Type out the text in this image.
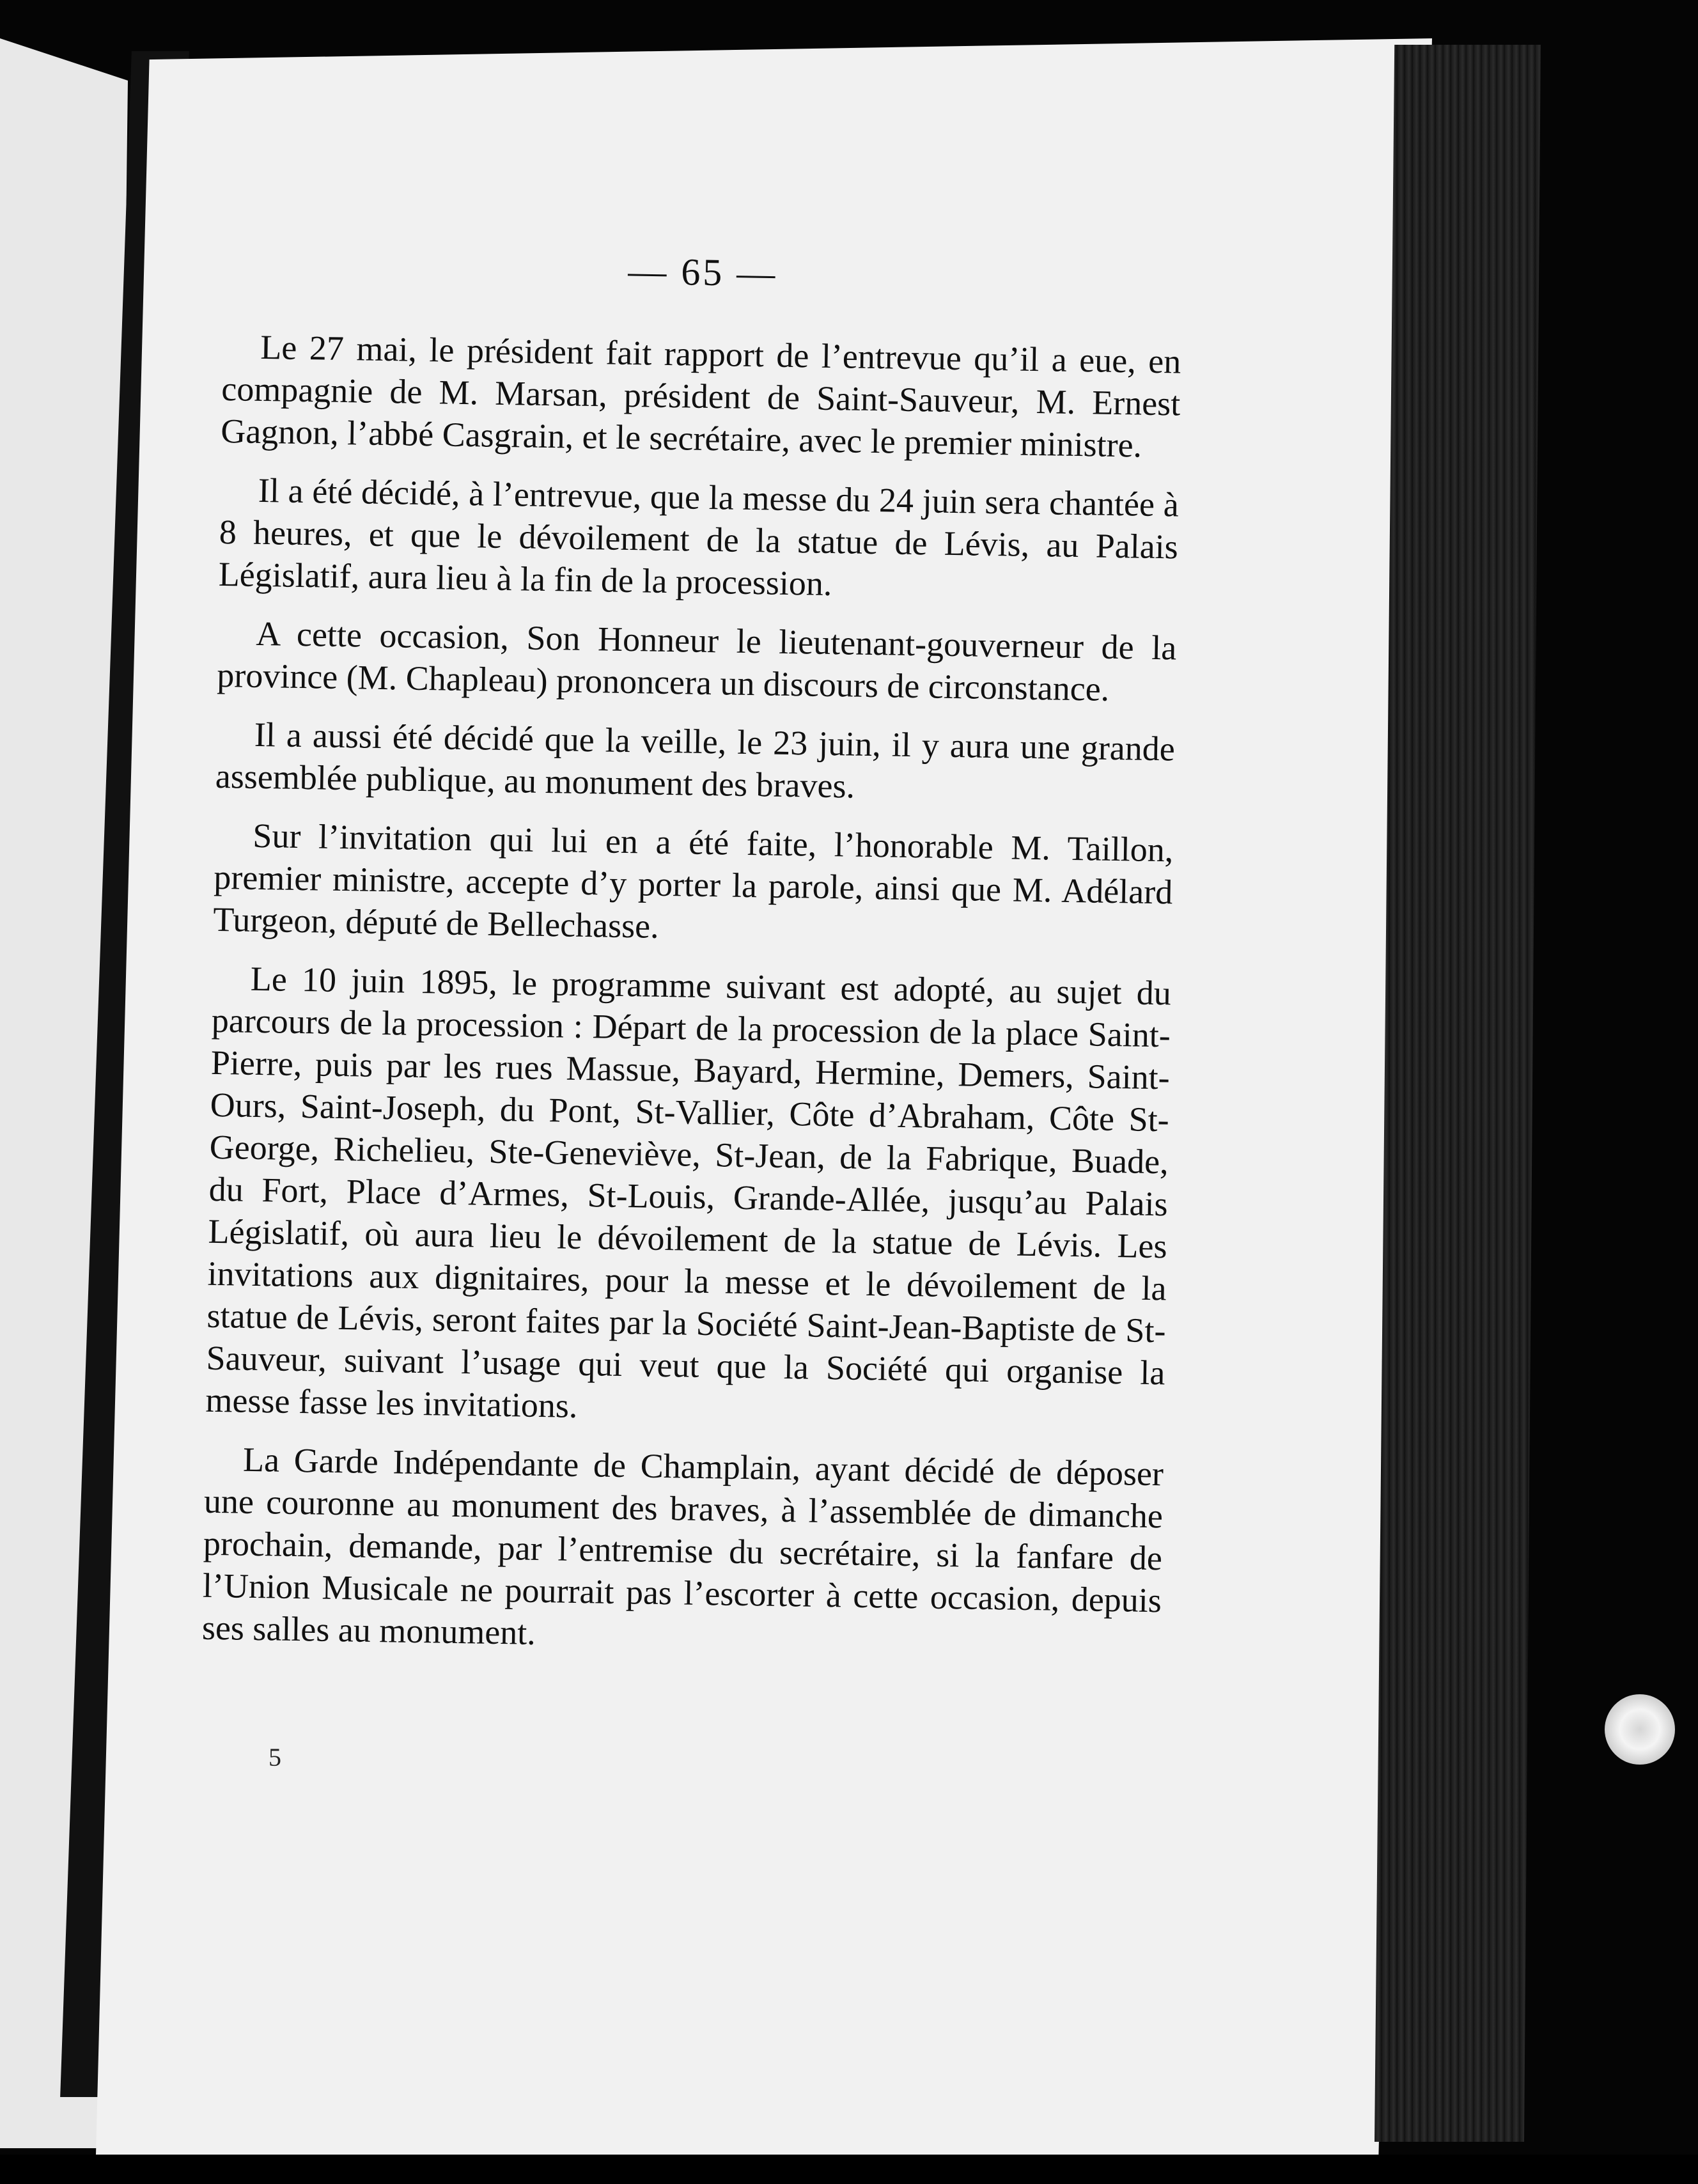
— 65 —

Le 27 mai, le président fait rapport de l’entrevue qu’il a eue, en compagnie de M. Marsan, président de Saint-Sauveur, M. Ernest Gagnon, l’abbé Casgrain, et le secrétaire, avec le premier ministre.

Il a été décidé, à l’entrevue, que la messe du 24 juin sera chantée à 8 heures, et que le dévoilement de la statue de Lévis, au Palais Législatif, aura lieu à la fin de la procession.

A cette occasion, Son Honneur le lieutenant-gouverneur de la province (M. Chapleau) prononcera un discours de circonstance.

Il a aussi été décidé que la veille, le 23 juin, il y aura une grande assemblée publique, au monument des braves.

Sur l’invitation qui lui en a été faite, l’honorable M. Taillon, premier ministre, accepte d’y porter la parole, ainsi que M. Adélard Turgeon, député de Bellechasse.

Le 10 juin 1895, le programme suivant est adopté, au sujet du parcours de la procession : Départ de la procession de la place Saint-Pierre, puis par les rues Massue, Bayard, Hermine, Demers, Saint-Ours, Saint-Joseph, du Pont, St-Vallier, Côte d’Abraham, Côte St-George, Richelieu, Ste-Geneviève, St-Jean, de la Fabrique, Buade, du Fort, Place d’Armes, St-Louis, Grande-Allée, jusqu’au Palais Législatif, où aura lieu le dévoilement de la statue de Lévis. Les invitations aux dignitaires, pour la messe et le dévoilement de la statue de Lévis, seront faites par la Société Saint-Jean-Baptiste de St-Sauveur, suivant l’usage qui veut que la Société qui organise la messe fasse les invitations.

La Garde Indépendante de Champlain, ayant décidé de déposer une couronne au monument des braves, à l’assemblée de dimanche prochain, demande, par l’entremise du secrétaire, si la fanfare de l’Union Musicale ne pourrait pas l’escorter à cette occasion, depuis ses salles au monument.

5
